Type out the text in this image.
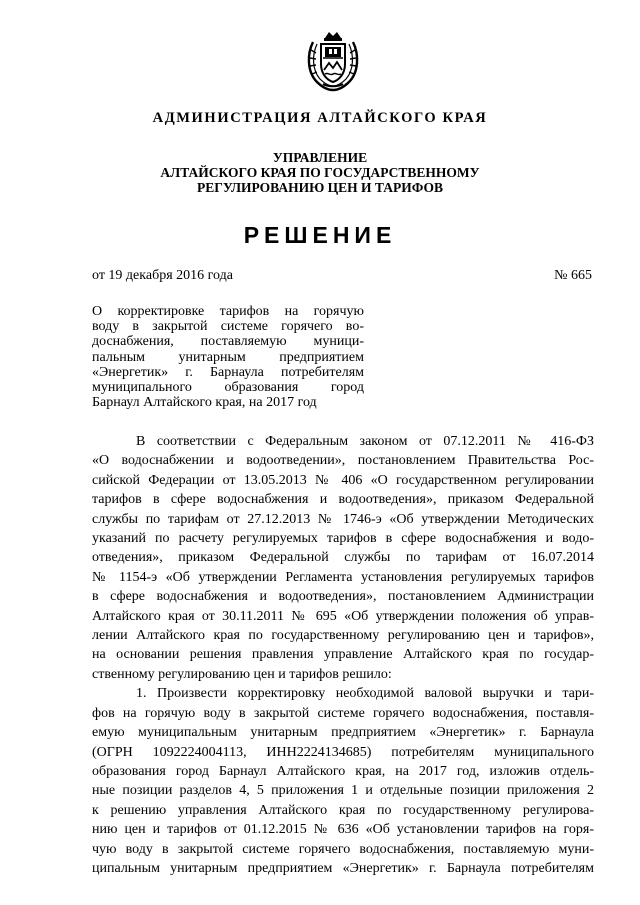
АДМИНИСТРАЦИЯ АЛТАЙСКОГО КРАЯ
УПРАВЛЕНИЕ
АЛТАЙСКОГО КРАЯ ПО ГОСУДАРСТВЕННОМУ
РЕГУЛИРОВАНИЮ ЦЕН И ТАРИФОВ
РЕШЕНИЕ
от 19 декабря 2016 года	№ 665
О корректировке тарифов на горячую
воду в закрытой системе горячего во-
доснабжения, поставляемую муници-
пальным унитарным предприятием
«Энергетик» г. Барнаула потребителям
муниципального образования город
Барнаул Алтайского края, на 2017 год
В соответствии с Федеральным законом от 07.12.2011 № 416-ФЗ
«О водоснабжении и водоотведении», постановлением Правительства Рос-
сийской Федерации от 13.05.2013 № 406 «О государственном регулировании
тарифов в сфере водоснабжения и водоотведения», приказом Федеральной
службы по тарифам от 27.12.2013 № 1746-э «Об утверждении Методических
указаний по расчету регулируемых тарифов в сфере водоснабжения и водо-
отведения», приказом Федеральной службы по тарифам от 16.07.2014
№ 1154-э «Об утверждении Регламента установления регулируемых тарифов
в сфере водоснабжения и водоотведения», постановлением Администрации
Алтайского края от 30.11.2011 № 695 «Об утверждении положения об управ-
лении Алтайского края по государственному регулированию цен и тарифов»,
на основании решения правления управление Алтайского края по государ-
ственному регулированию цен и тарифов решило:
1. Произвести корректировку необходимой валовой выручки и тари-
фов на горячую воду в закрытой системе горячего водоснабжения, поставля-
емую муниципальным унитарным предприятием «Энергетик» г. Барнаула
(ОГРН 1092224004113, ИНН2224134685) потребителям муниципального
образования город Барнаул Алтайского края, на 2017 год, изложив отдель-
ные позиции разделов 4, 5 приложения 1 и отдельные позиции приложения 2
к решению управления Алтайского края по государственному регулирова-
нию цен и тарифов от 01.12.2015 № 636 «Об установлении тарифов на горя-
чую воду в закрытой системе горячего водоснабжения, поставляемую муни-
ципальным унитарным предприятием «Энергетик» г. Барнаула потребителям
